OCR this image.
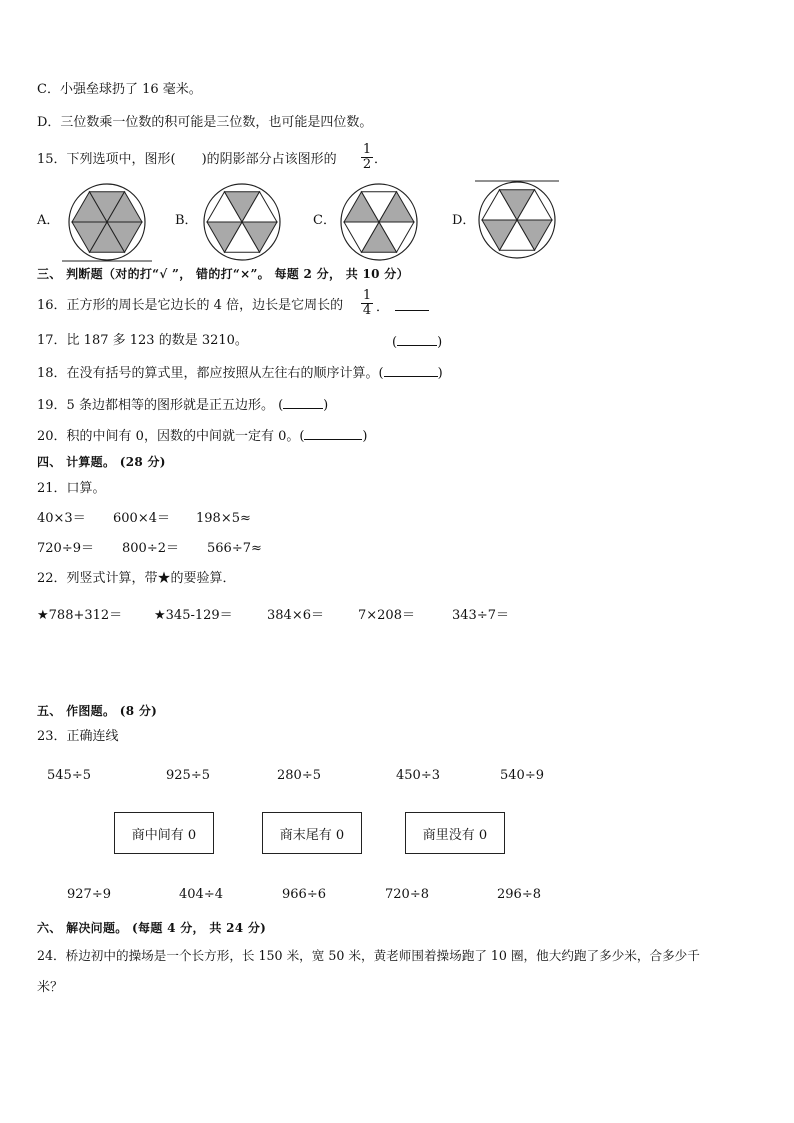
C．小强垒球扔了 16 毫米。
D．三位数乘一位数的积可能是三位数，也可能是四位数。
15．下列选项中，图形(　　)的阴影部分占该图形的 $\frac{1}{2}$ ．
A．	B．	C．	D．
三、 判断题（对的打“√ ”， 错的打“×”。 每题 2 分， 共 10 分）
16．正方形的周长是它边长的 4 倍，边长是它周长的 $\frac{1}{4}$ ．
17．比 187 多 123 的数是 3210。	(	)
18．在没有括号的算式里，都应按照从左往右的顺序计算。(	)
19．5 条边都相等的图形就是正五边形。 (	)
20．积的中间有 0，因数的中间就一定有 0。(	)
四、 计算题。 (28 分)
21．口算。
40×3＝ 600×4＝ 198×5≈
720÷9＝ 800÷2＝ 566÷7≈
22．列竖式计算，带★的要验算．
★788+312＝ ★345-129＝	384×6＝	7×208＝	343÷7＝
五、 作图题。 (8 分)
23．正确连线
545÷5	925÷5	280÷5	450÷3	540÷9
商中间有 0	商末尾有 0	商里没有 0
927÷9	404÷4	966÷6	720÷8	296÷8
六、 解决问题。 (每题 4 分， 共 24 分)
24．桥边初中的操场是一个长方形，长 150 米，宽 50 米，黄老师围着操场跑了 10 圈，他大约跑了多少米，合多少千
米？
